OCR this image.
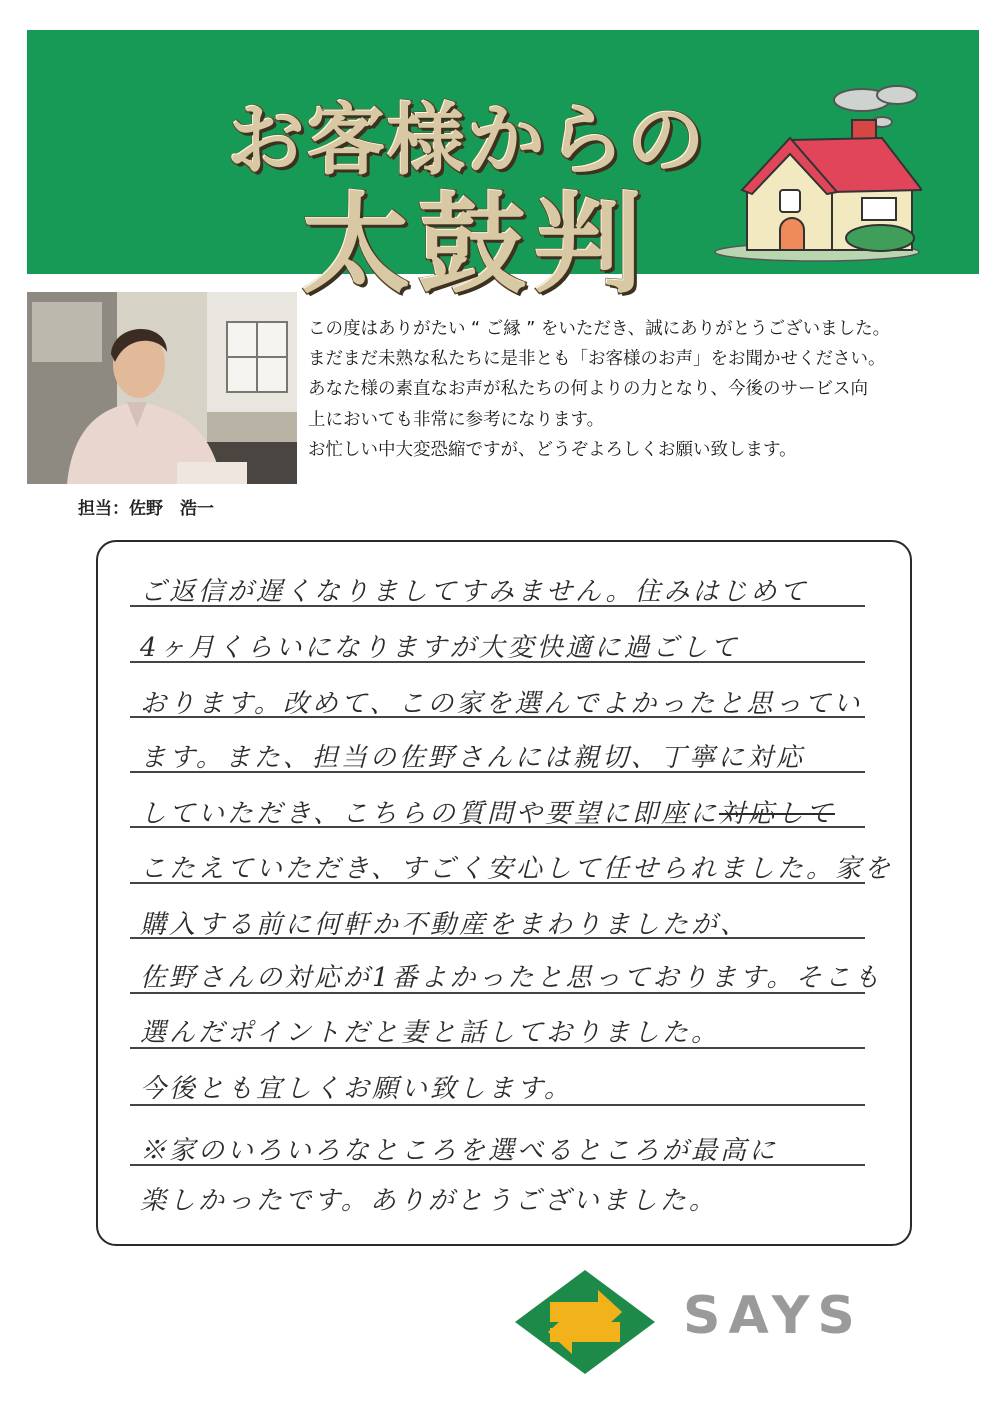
お客様からの
太鼓判
担当：佐野　浩一
この度はありがたい “ ご縁 ” をいただき、誠にありがとうございました。
まだまだ未熟な私たちに是非とも「お客様のお声」をお聞かせください。
あなた様の素直なお声が私たちの何よりの力となり、今後のサービス向
上においても非常に参考になります。
お忙しい中大変恐縮ですが、どうぞよろしくお願い致します。
ご返信が遅くなりましてすみません。住みはじめて
4ヶ月くらいになりますが大変快適に過ごして
おります。改めて、この家を選んでよかったと思ってい
ます。また、担当の佐野さんには親切、丁寧に対応
していただき、こちらの質問や要望に即座に対応して
こたえていただき、すごく安心して任せられました。家を
購入する前に何軒か不動産をまわりましたが、
佐野さんの対応が1番よかったと思っております。そこも
選んだポイントだと妻と話しておりました。
今後とも宜しくお願い致します。
※家のいろいろなところを選べるところが最高に
楽しかったです。ありがとうございました。
SAYS
